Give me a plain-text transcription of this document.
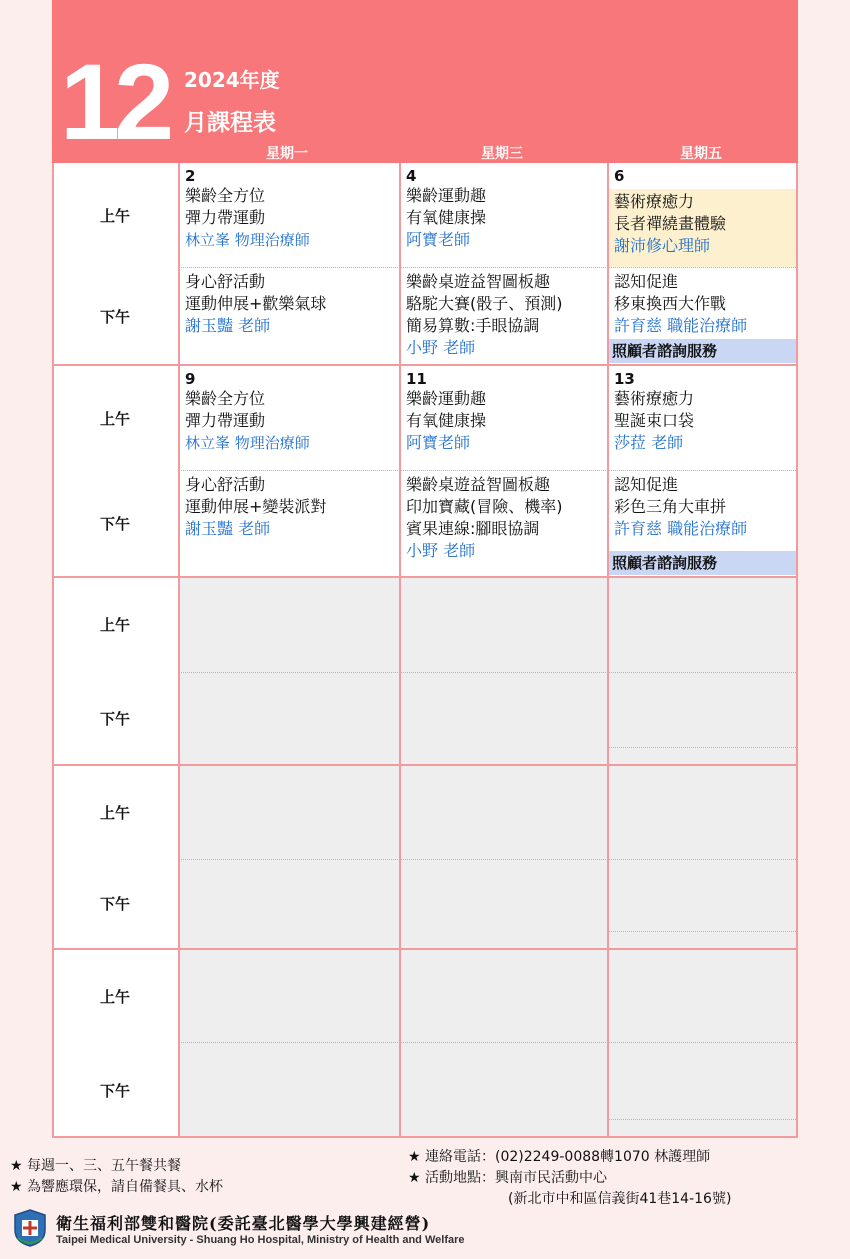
12 2024年度
月課程表
星期一	星期三	星期五
上午
2
樂齡全方位
彈力帶運動
林立峯 物理治療師
4
樂齡運動趣
有氧健康操
阿寶老師
6
藝術療癒力
長者禪繞畫體驗
謝沛修心理師
下午
身心舒活動
運動伸展+歡樂氣球
謝玉豔 老師
樂齡桌遊益智圖板趣
駱駝大賽(骰子、預測)
簡易算數:手眼協調
小野 老師
認知促進
移東換西大作戰
許育慈 職能治療師
照顧者諮詢服務
上午
9
樂齡全方位
彈力帶運動
林立峯 物理治療師
11
樂齡運動趣
有氧健康操
阿寶老師
13
藝術療癒力
聖誕束口袋
莎菈 老師
下午
身心舒活動
運動伸展+變裝派對
謝玉豔 老師
樂齡桌遊益智圖板趣
印加寶藏(冒險、機率)
賓果連線:腳眼協調
小野 老師
認知促進
彩色三角大車拼
許育慈 職能治療師
照顧者諮詢服務
上午
下午
上午
下午
上午
下午
★ 每週一、三、五午餐共餐
★ 為響應環保，請自備餐具、水杯
★ 連絡電話：(02)2249-0088轉1070 林護理師
★ 活動地點：興南市民活動中心
(新北市中和區信義街41巷14-16號)
衛生福利部雙和醫院(委託臺北醫學大學興建經營)
Taipei Medical University - Shuang Ho Hospital, Ministry of Health and Welfare
